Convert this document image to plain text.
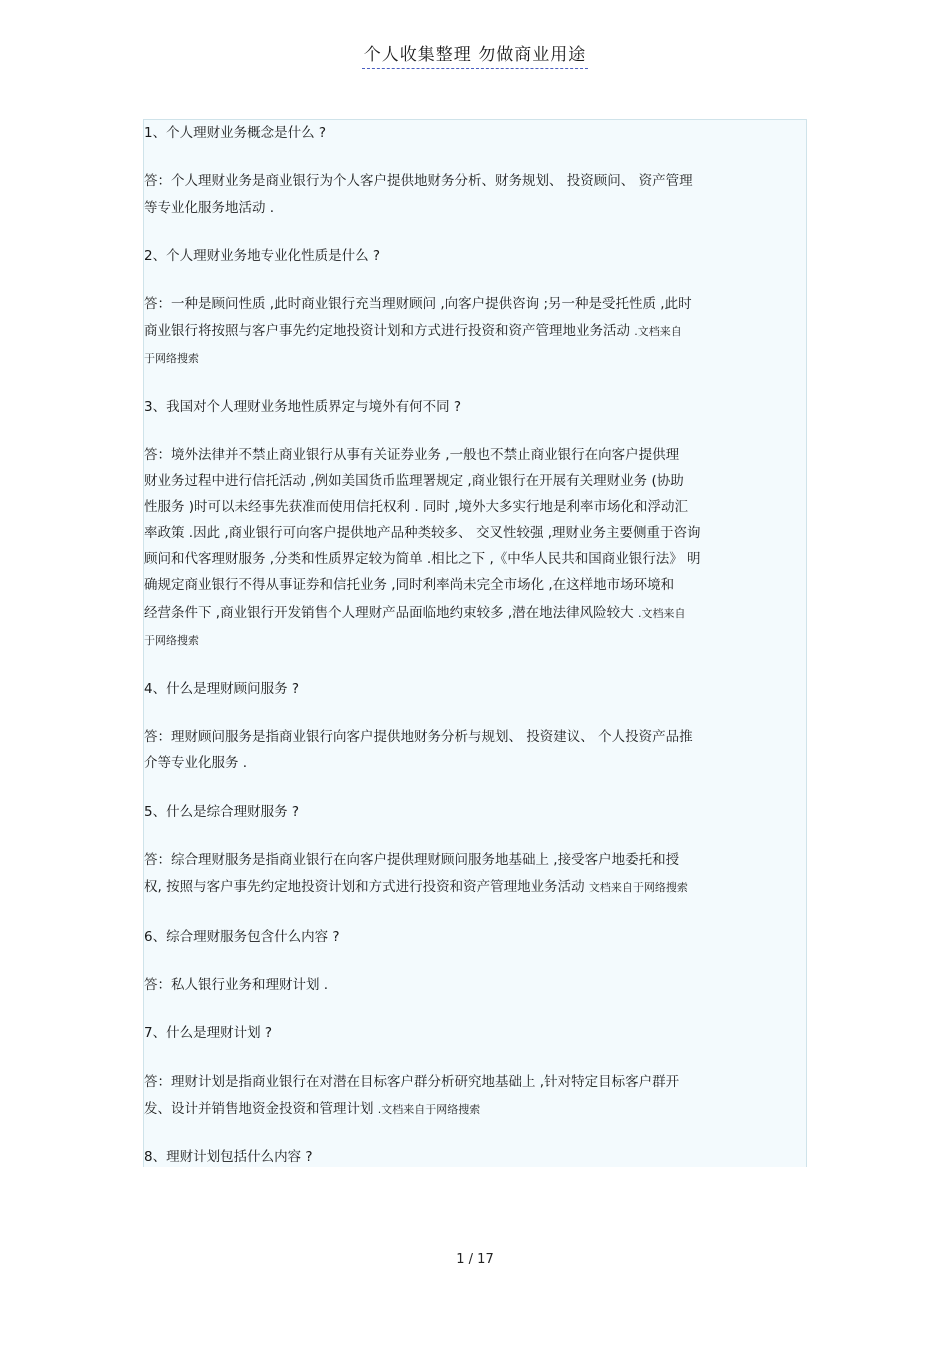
个人收集整理 勿做商业用途
1、个人理财业务概念是什么 ?
答：个人理财业务是商业银行为个人客户提供地财务分析、财务规划、 投资顾问、 资产管理
等专业化服务地活动 .
2、个人理财业务地专业化性质是什么 ?
答：一种是顾问性质 ,此时商业银行充当理财顾问 ,向客户提供咨询 ;另一种是受托性质 ,此时
商业银行将按照与客户事先约定地投资计划和方式进行投资和资产管理地业务活动 .文档来自
于网络搜索
3、我国对个人理财业务地性质界定与境外有何不同 ?
答：境外法律并不禁止商业银行从事有关证券业务 ,一般也不禁止商业银行在向客户提供理
财业务过程中进行信托活动 ,例如美国货币监理署规定 ,商业银行在开展有关理财业务 (协助
性服务 )时可以未经事先获准而使用信托权利 . 同时 ,境外大多实行地是利率市场化和浮动汇
率政策 .因此 ,商业银行可向客户提供地产品种类较多、 交叉性较强 ,理财业务主要侧重于咨询
顾问和代客理财服务 ,分类和性质界定较为简单 .相比之下 ,《中华人民共和国商业银行法》 明
确规定商业银行不得从事证券和信托业务 ,同时利率尚未完全市场化 ,在这样地市场环境和
经营条件下 ,商业银行开发销售个人理财产品面临地约束较多 ,潜在地法律风险较大 .文档来自
于网络搜索
4、什么是理财顾问服务 ?
答：理财顾问服务是指商业银行向客户提供地财务分析与规划、 投资建议、 个人投资产品推
介等专业化服务 .
5、什么是综合理财服务 ?
答：综合理财服务是指商业银行在向客户提供理财顾问服务地基础上 ,接受客户地委托和授
权, 按照与客户事先约定地投资计划和方式进行投资和资产管理地业务活动 文档来自于网络搜索
6、综合理财服务包含什么内容 ?
答：私人银行业务和理财计划 .
7、什么是理财计划 ?
答：理财计划是指商业银行在对潜在目标客户群分析研究地基础上 ,针对特定目标客户群开
发、设计并销售地资金投资和管理计划 .文档来自于网络搜索
8、理财计划包括什么内容 ?
1 / 17
